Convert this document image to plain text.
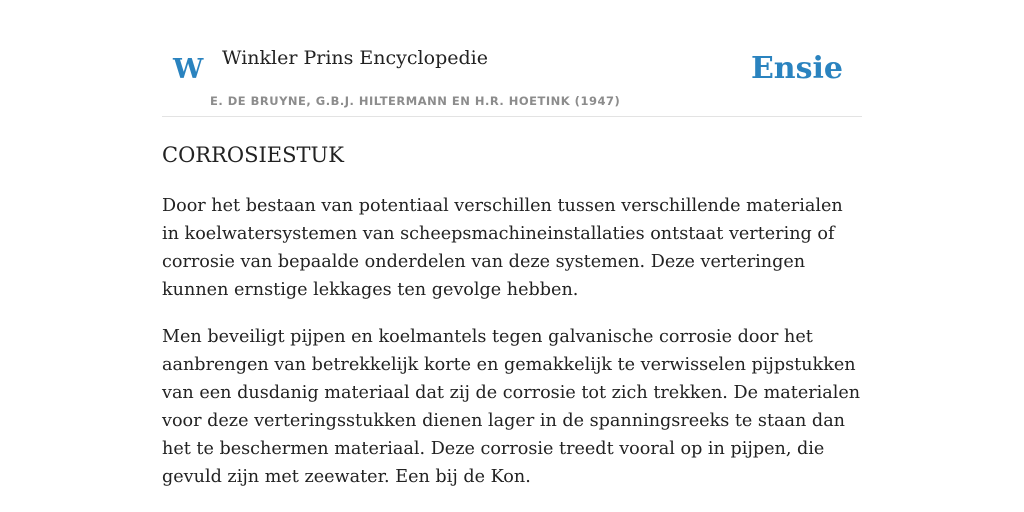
W Winkler Prins Encyclopedie
E. DE BRUYNE, G.B.J. HILTERMANN EN H.R. HOETINK (1947)
Ensie
CORROSIESTUK

Door het bestaan van potentiaal verschillen tussen verschillende materialen in koelwatersystemen van scheepsmachineinstallaties ontstaat vertering of corrosie van bepaalde onderdelen van deze systemen. Deze verteringen kunnen ernstige lekkages ten gevolge hebben.

Men beveiligt pijpen en koelmantels tegen galvanische corrosie door het aanbrengen van betrekkelijk korte en gemakkelijk te verwisselen pijpstukken van een dusdanig materiaal dat zij de corrosie tot zich trekken. De materialen voor deze verteringsstukken dienen lager in de spanningsreeks te staan dan het te beschermen materiaal. Deze corrosie treedt vooral op in pijpen, die gevuld zijn met zeewater. Een bij de Kon.
